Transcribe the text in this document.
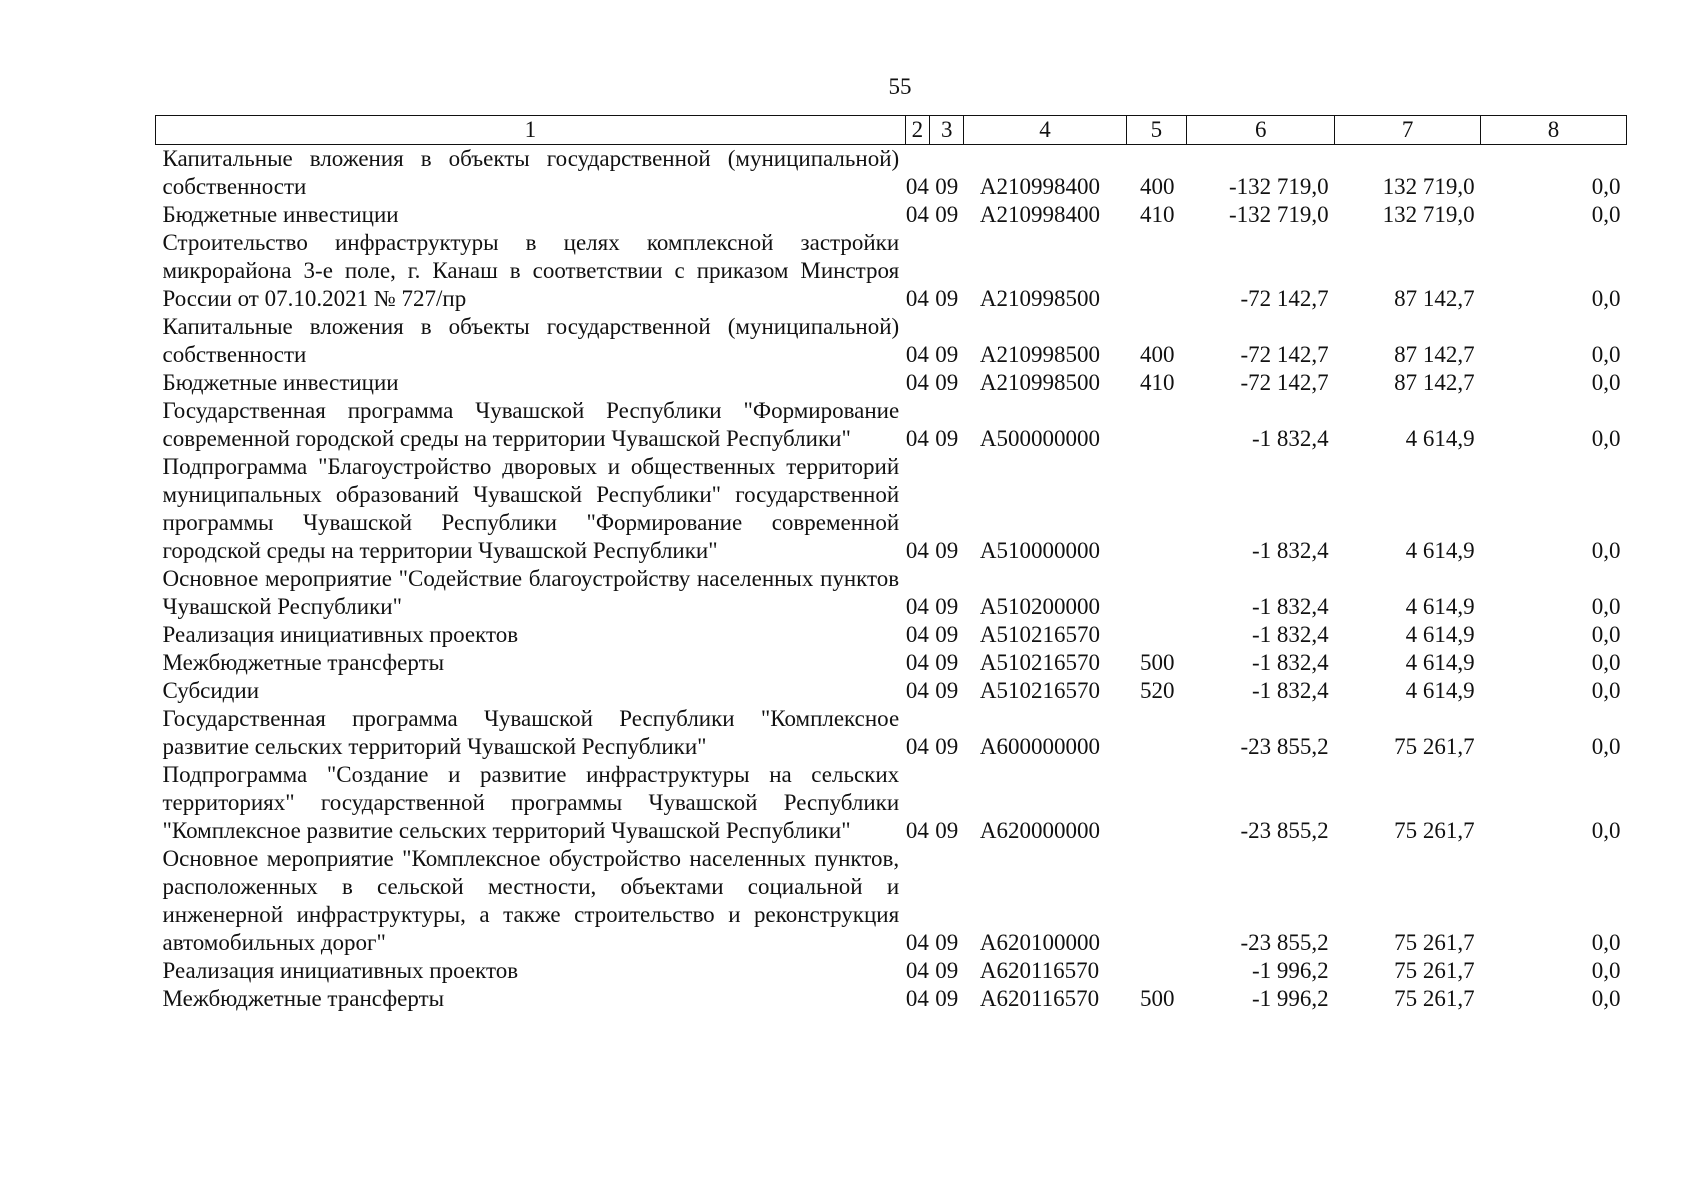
55
1	2	3	4	5	6	7	8
Капитальные вложения в объекты государственной (муниципальной) собственности	04	09	A210998400	400	-132 719,0	132 719,0	0,0
Бюджетные инвестиции	04	09	A210998400	410	-132 719,0	132 719,0	0,0
Строительство инфраструктуры в целях комплексной застройки микрорайона 3-е поле, г. Канаш в соответствии с приказом Минстроя России от 07.10.2021 № 727/пр	04	09	A210998500		-72 142,7	87 142,7	0,0
Капитальные вложения в объекты государственной (муниципальной) собственности	04	09	A210998500	400	-72 142,7	87 142,7	0,0
Бюджетные инвестиции	04	09	A210998500	410	-72 142,7	87 142,7	0,0
Государственная программа Чувашской Республики "Формирование современной городской среды на территории Чувашской Республики"	04	09	A500000000		-1 832,4	4 614,9	0,0
Подпрограмма "Благоустройство дворовых и общественных территорий муниципальных образований Чувашской Республики" государственной программы Чувашской Республики "Формирование современной городской среды на территории Чувашской Республики"	04	09	A510000000		-1 832,4	4 614,9	0,0
Основное мероприятие "Содействие благоустройству населенных пунктов Чувашской Республики"	04	09	A510200000		-1 832,4	4 614,9	0,0
Реализация инициативных проектов	04	09	A510216570		-1 832,4	4 614,9	0,0
Межбюджетные трансферты	04	09	A510216570	500	-1 832,4	4 614,9	0,0
Субсидии	04	09	A510216570	520	-1 832,4	4 614,9	0,0
Государственная программа Чувашской Республики "Комплексное развитие сельских территорий Чувашской Республики"	04	09	A600000000		-23 855,2	75 261,7	0,0
Подпрограмма "Создание и развитие инфраструктуры на сельских территориях" государственной программы Чувашской Республики "Комплексное развитие сельских территорий Чувашской Республики"	04	09	A620000000		-23 855,2	75 261,7	0,0
Основное мероприятие "Комплексное обустройство населенных пунктов, расположенных в сельской местности, объектами социальной и инженерной инфраструктуры, а также строительство и реконструкция автомобильных дорог"	04	09	A620100000		-23 855,2	75 261,7	0,0
Реализация инициативных проектов	04	09	A620116570		-1 996,2	75 261,7	0,0
Межбюджетные трансферты	04	09	A620116570	500	-1 996,2	75 261,7	0,0
